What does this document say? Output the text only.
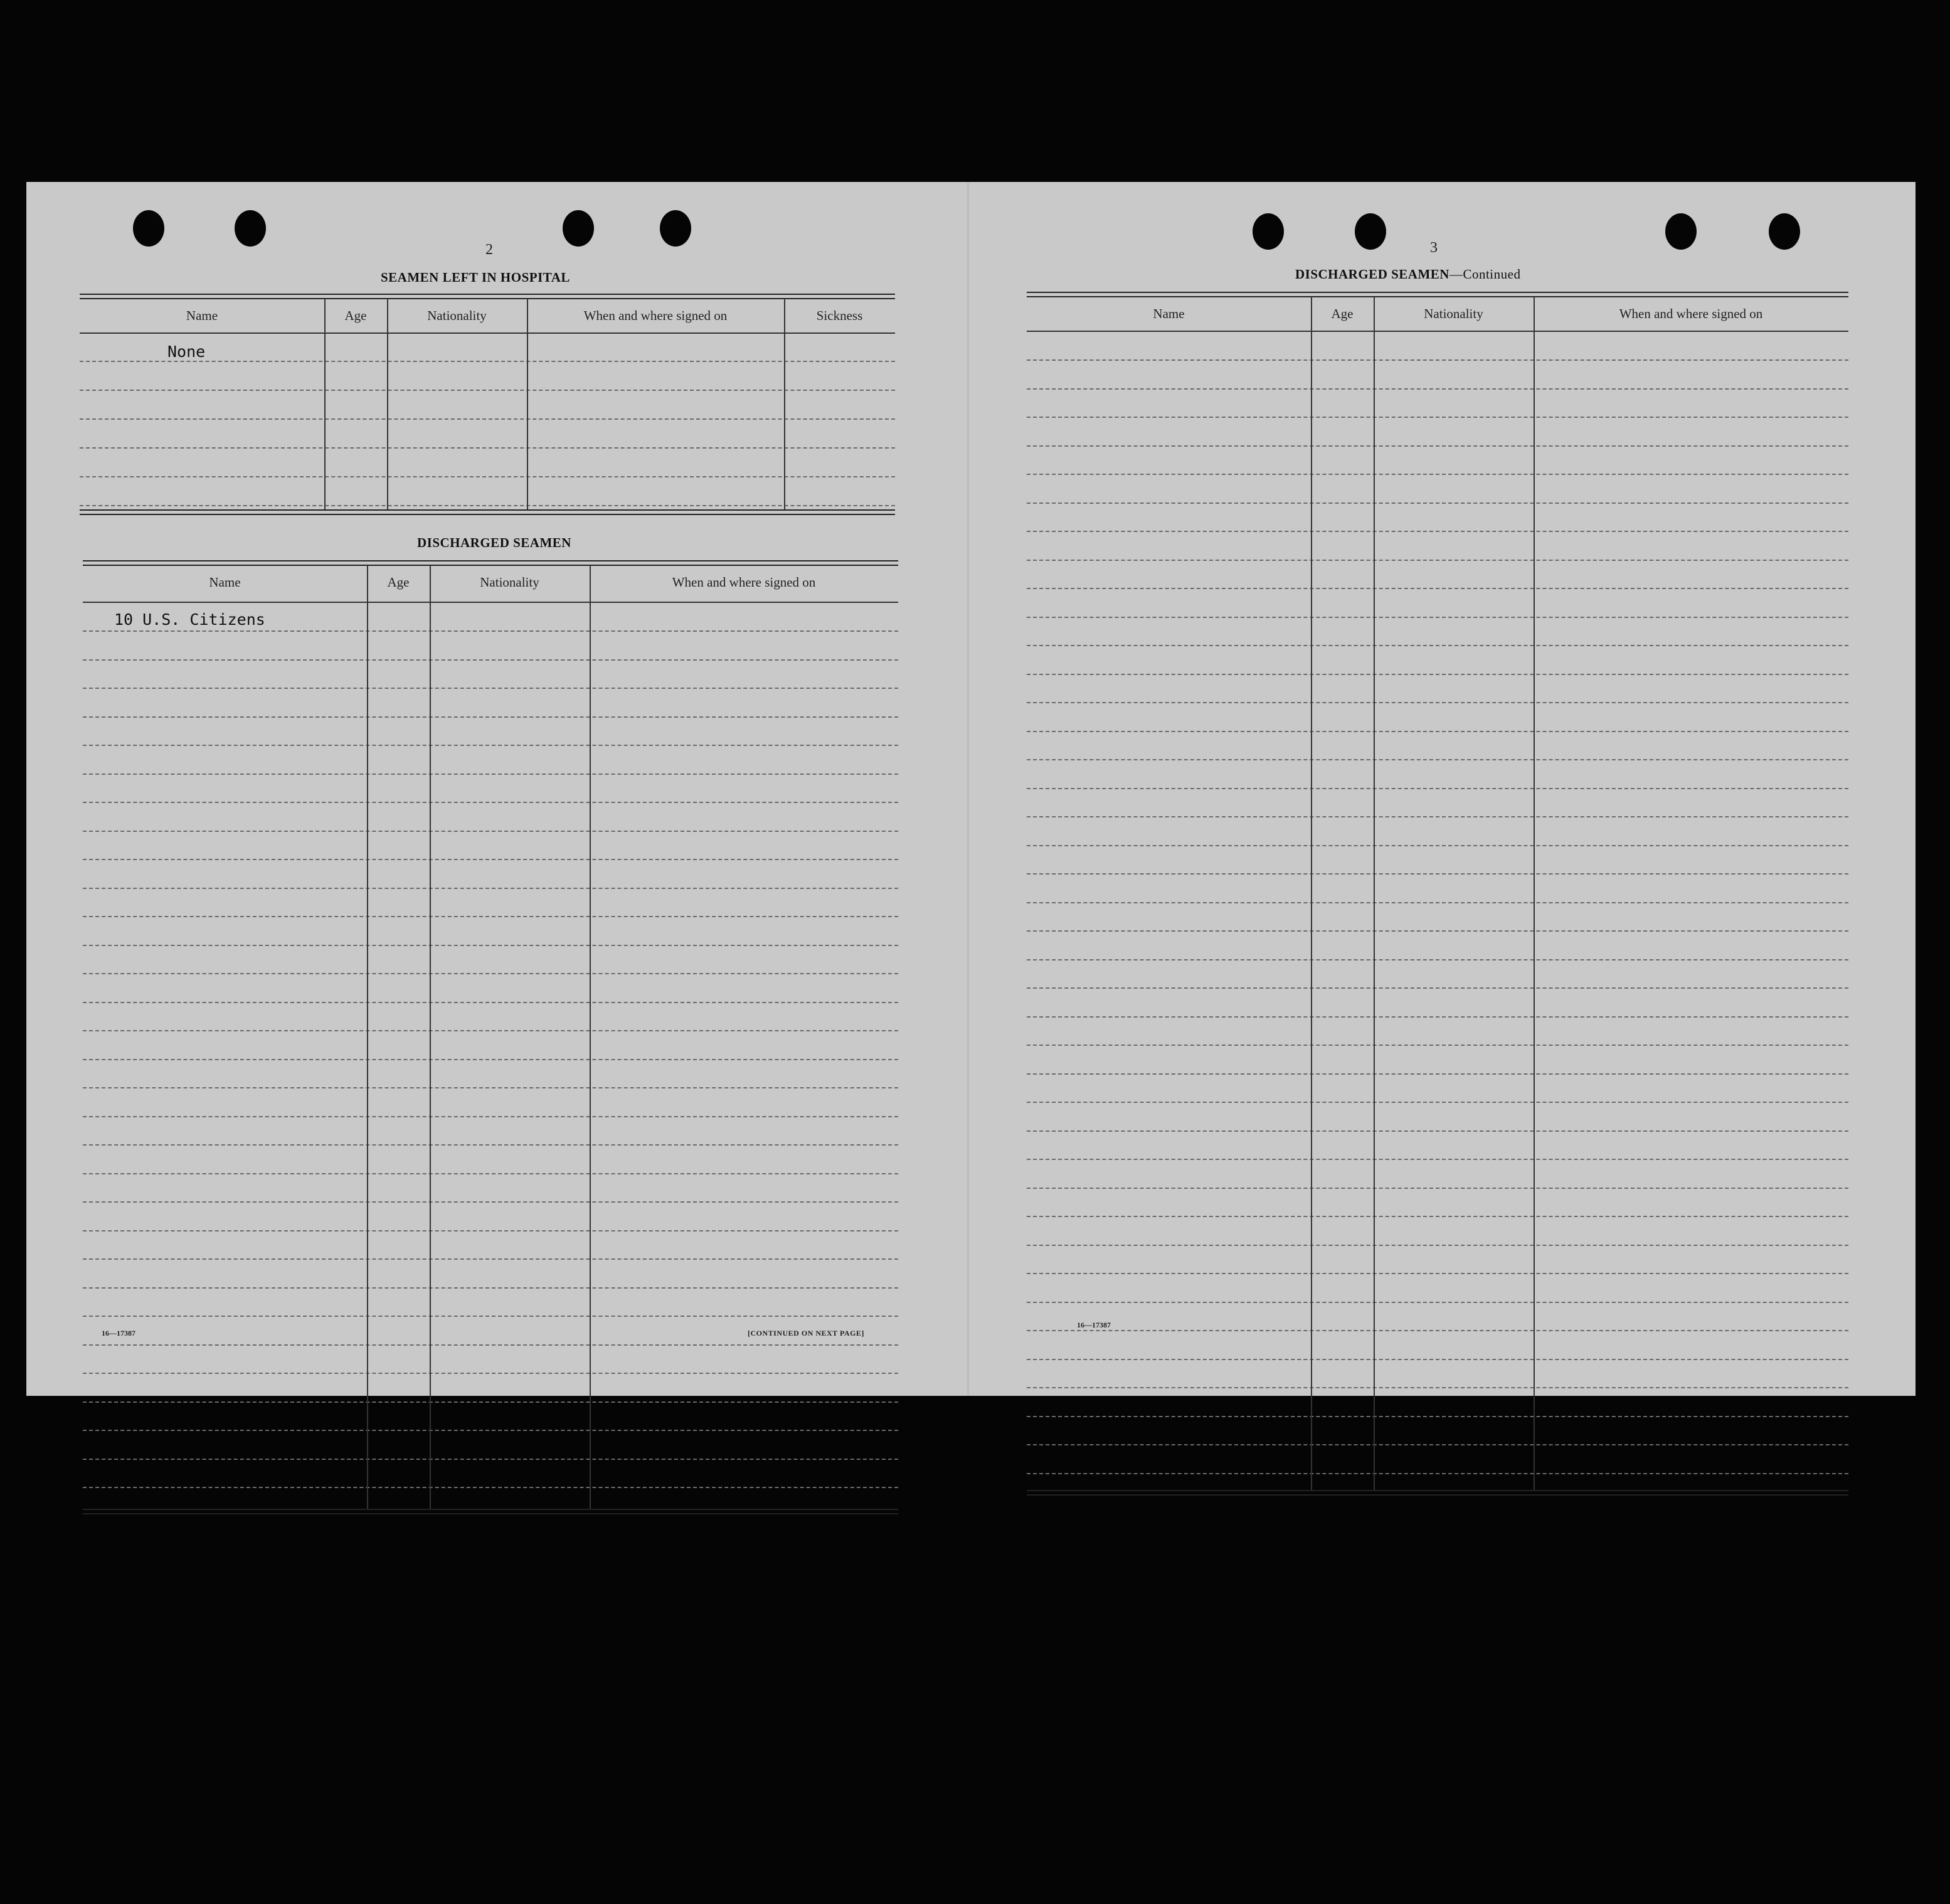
2
SEAMEN LEFT IN HOSPITAL
Name	Age	Nationality	When and where signed on	Sickness
None
DISCHARGED SEAMEN
Name	Age	Nationality	When and where signed on
10 U.S. Citizens
16—17387	[CONTINUED ON NEXT PAGE]
3
DISCHARGED SEAMEN—Continued
Name	Age	Nationality	When and where signed on
16—17387
